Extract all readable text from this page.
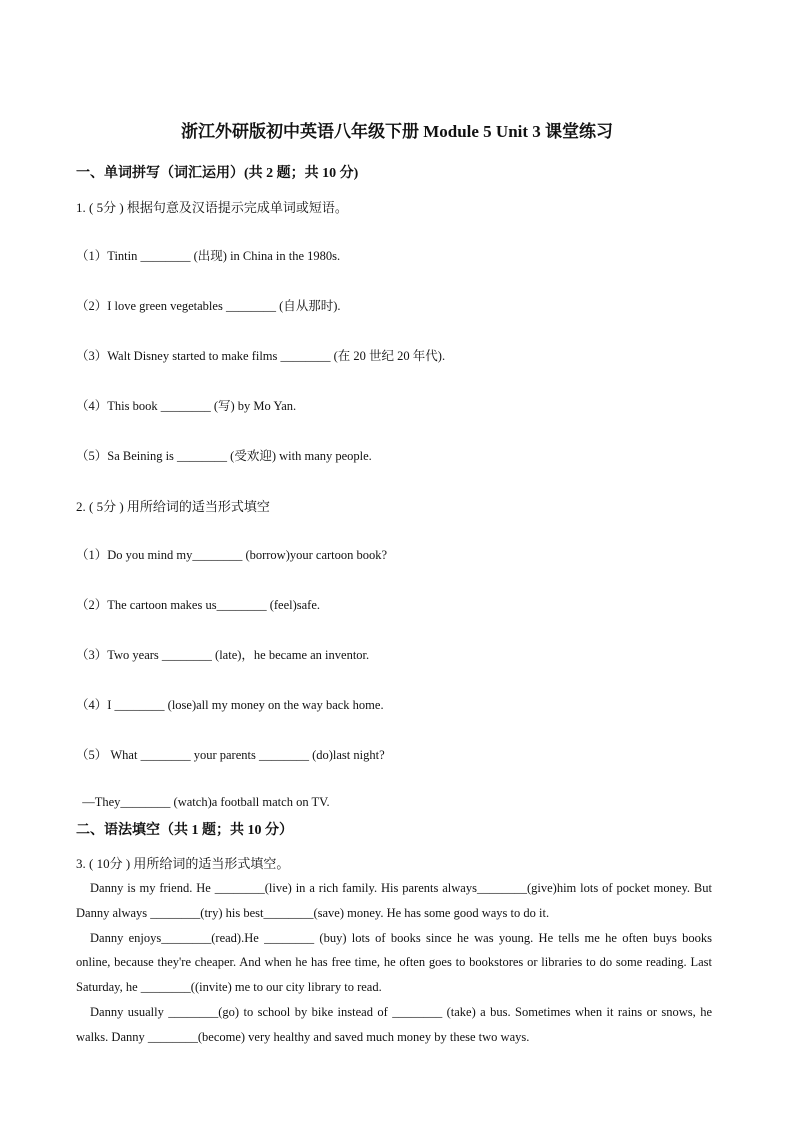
浙江外研版初中英语八年级下册 Module 5 Unit 3 课堂练习
一、单词拼写（词汇运用）(共 2 题；共 10 分)
1. ( 5分 ) 根据句意及汉语提示完成单词或短语。
（1）Tintin ________ (出现) in China in the 1980s.
（2）I love green vegetables ________ (自从那时).
（3）Walt Disney started to make films ________ (在 20 世纪 20 年代).
（4）This book ________ (写) by Mo Yan.
（5）Sa Beining is ________ (受欢迎) with many people.
2. ( 5分 ) 用所给词的适当形式填空
（1）Do you mind my________ (borrow)your cartoon book?
（2）The cartoon makes us________ (feel)safe.
（3）Two years ________ (late)，he became an inventor.
（4）I ________ (lose)all my money on the way back home.
（5） What ________ your parents ________ (do)last night?
—They________ (watch)a football match on TV.
二、语法填空（共 1 题；共 10 分）
3. ( 10分 ) 用所给词的适当形式填空。

Danny is my friend. He ________(live) in a rich family. His parents always________(give)him lots of pocket money. But Danny always ________(try) his best________(save) money. He has some good ways to do it.

Danny enjoys________(read).He ________ (buy) lots of books since he was young. He tells me he often buys books online, because they're cheaper. And when he has free time, he often goes to bookstores or libraries to do some reading. Last Saturday, he ________((invite) me to our city library to read.

Danny usually ________(go) to school by bike instead of ________ (take) a bus. Sometimes when it rains or snows, he walks. Danny ________(become) very healthy and saved much money by these two ways.
